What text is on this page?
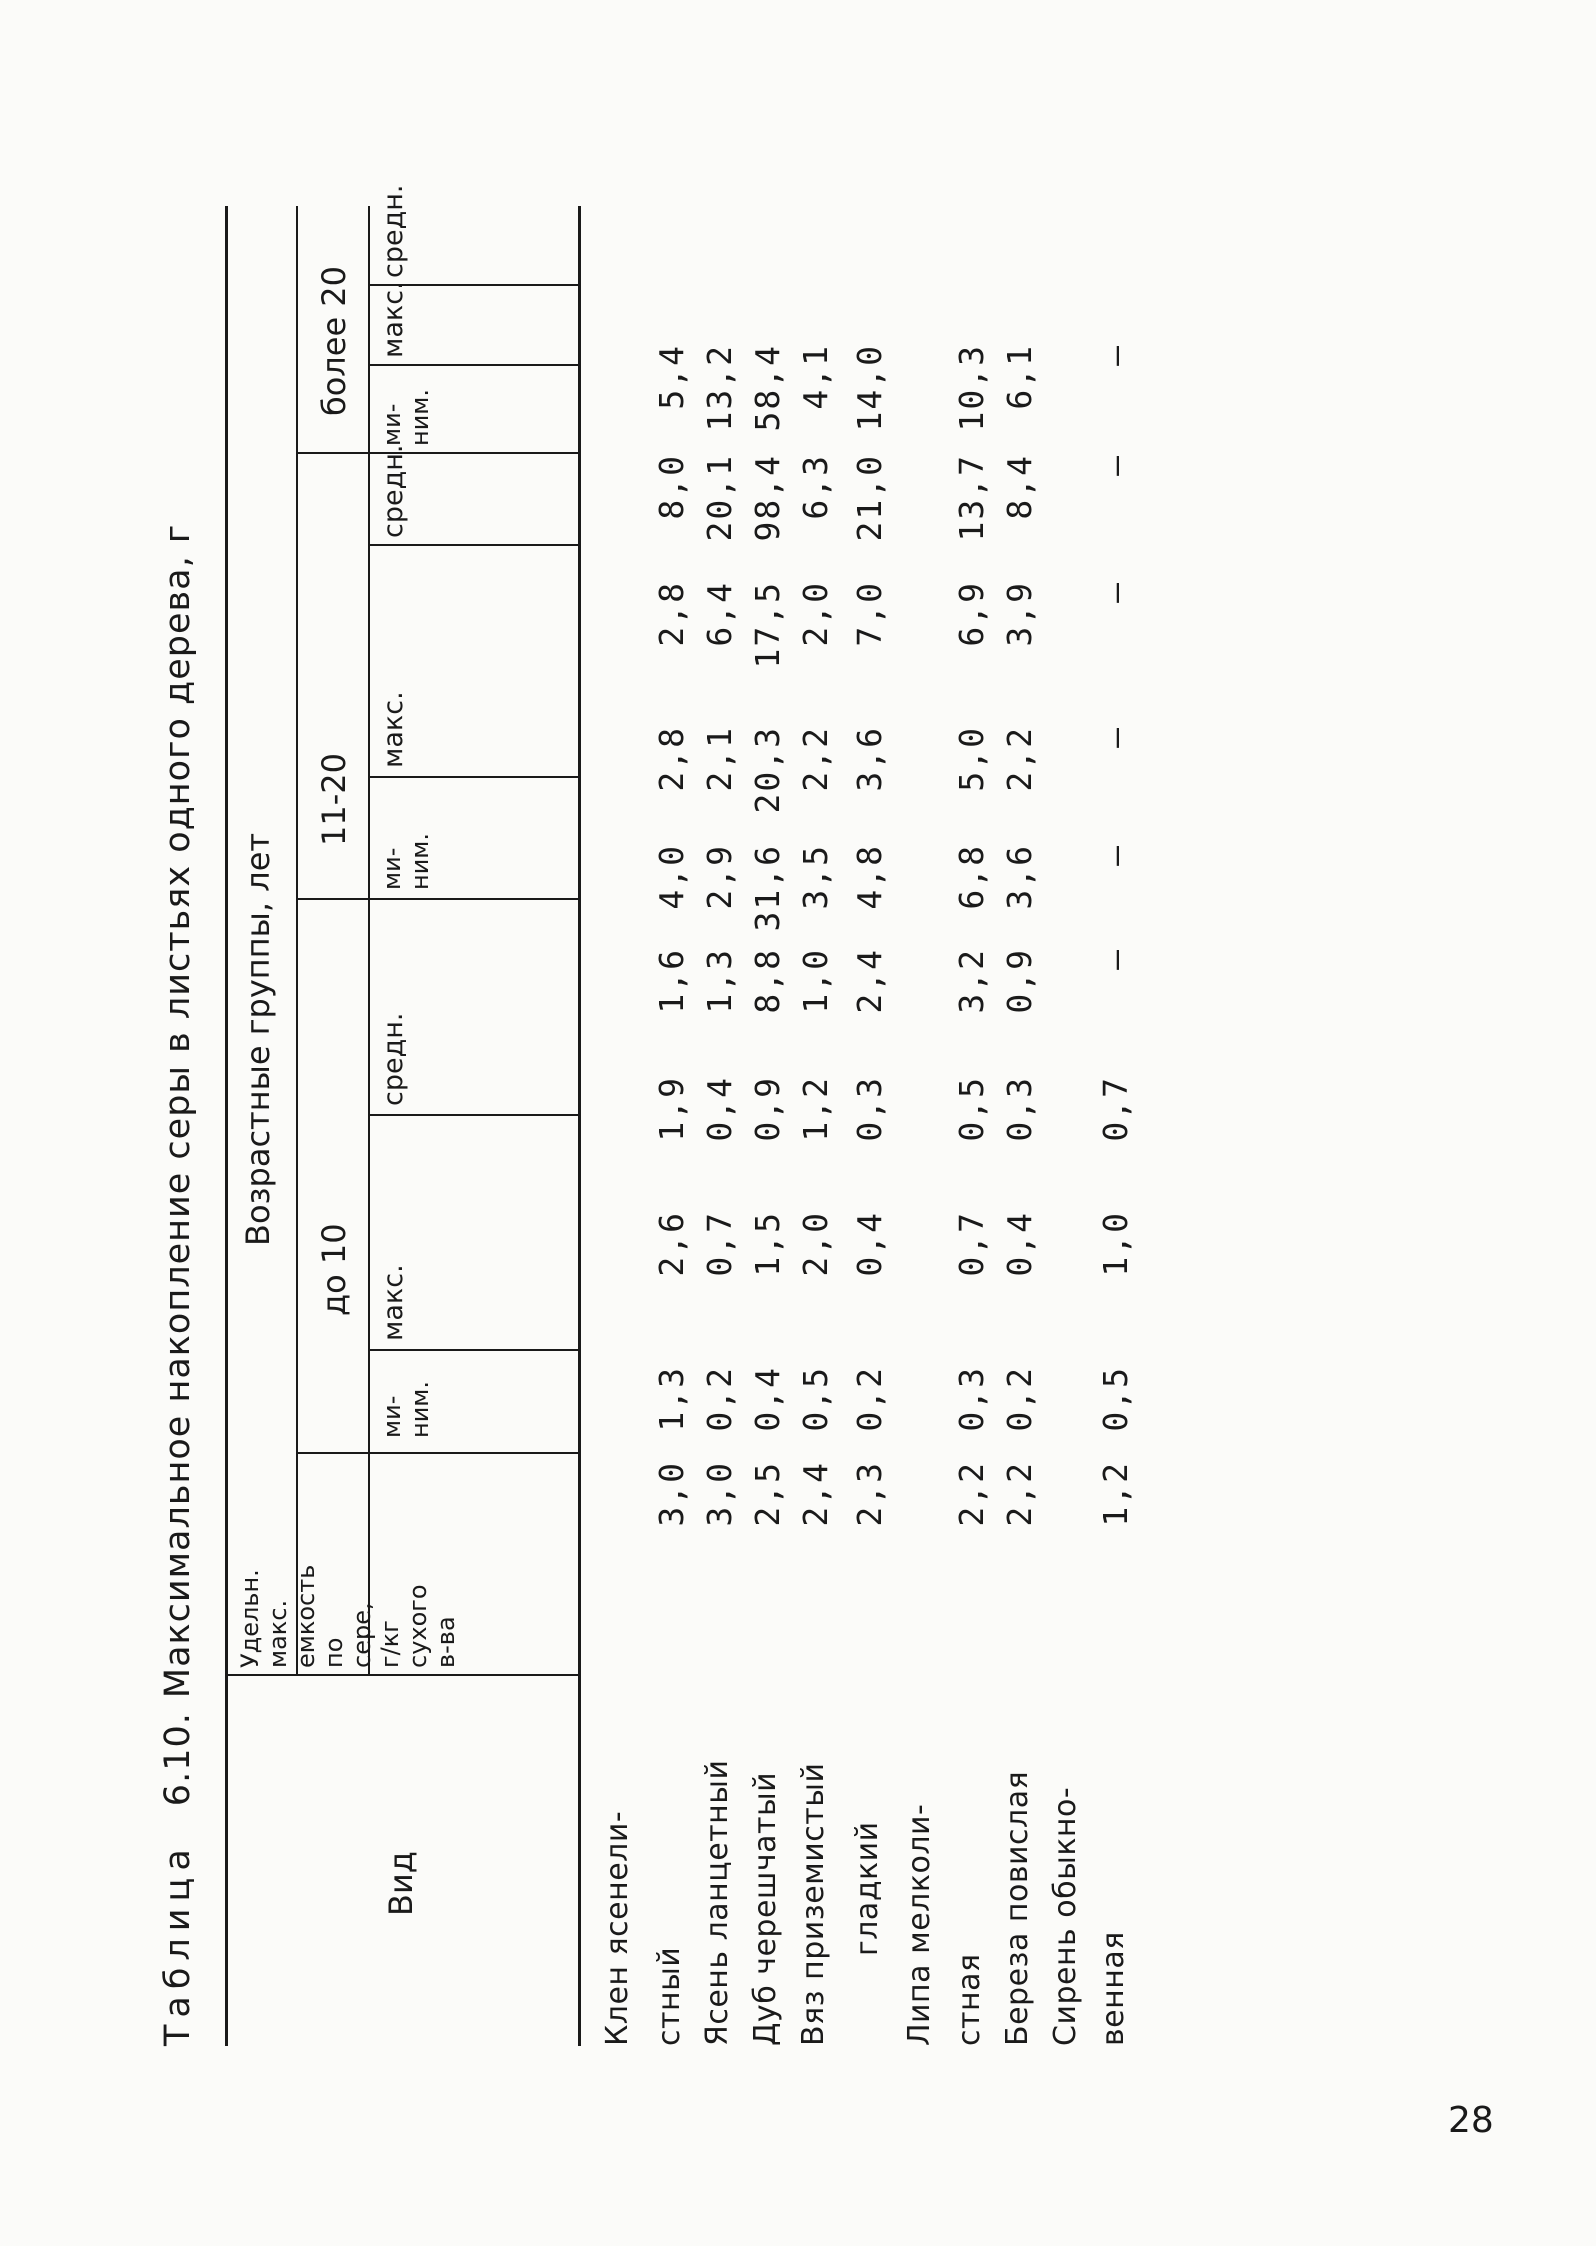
Таблица6.10.Максимальное накопление серы в листьях одного дерева, г
Вид
Удельн. макс. емкость по сере, г/кг сухого в-ва
Возрастные группы, лет
до 10
11-20
более 20
ми- ним.
макс.
средн.
ми- ним.
макс.
средн.
ми- ним.
макс.
средн.
Клен ясенели- стный Ясень ланцетный Дуб черешчатый Вяз приземистый гладкий Липа мелколи- стная Береза повислая Сирень обыкно- венная
3,0
1,3
2,6
1,9
1,6
4,0
2,8
2,8
8,0
5,4
3,0
0,2
0,7
0,4
1,3
2,9
2,1
6,4
20,1
13,2
2,5
0,4
1,5
0,9
8,8
31,6
20,3
17,5
98,4
58,4
2,4
0,5
2,0
1,2
1,0
3,5
2,2
2,0
6,3
4,1
2,3
0,2
0,4
0,3
2,4
4,8
3,6
7,0
21,0
14,0
2,2
0,3
0,7
0,5
3,2
6,8
5,0
6,9
13,7
10,3
2,2
0,2
0,4
0,3
0,9
3,6
2,2
3,9
8,4
6,1
1,2
0,5
1,0
0,7
–
–
–
–
–
–
28
